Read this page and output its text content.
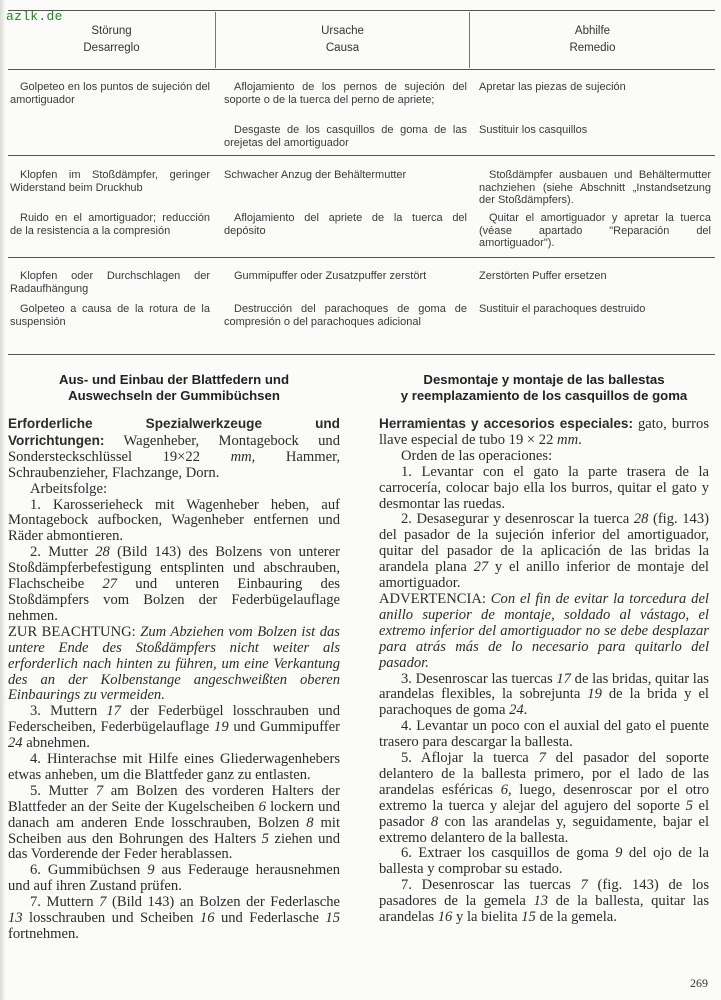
azlk.de
Störung
Desarreglo
Ursache
Causa
Abhilfe
Remedio
Golpeteo en los puntos de sujeción del amortiguador
Aflojamiento de los pernos de sujeción del soporte o de la tuerca del perno de apriete;
Apretar las piezas de sujeción
Desgaste de los casquillos de goma de las orejetas del amortiguador
Sustituir los casquillos
Klopfen im Stoßdämpfer, geringer Widerstand beim Druckhub
Schwacher Anzug der Behältermutter	Stoßdämpfer ausbauen und Behältermutter nachziehen (siehe Abschnitt „Instandsetzung der Stoßdämpfers).
Ruido en el amortiguador; reducción de la resistencia a la compresión
Aflojamiento del apriete de la tuerca del depósito
Quitar el amortiguador y apretar la tuerca (véase apartado "Reparación del amortiguador").
Klopfen oder Durchschlagen der Radaufhängung
Gummipuffer oder Zusatzpuffer zerstört	Zerstörten Puffer ersetzen
Golpeteo a causa de la rotura de la suspensión
Destrucción del parachoques de goma de compresión o del parachoques adicional
Sustituir el parachoques destruido
Aus- und Einbau der Blattfedern und
Auswechseln der Gummibüchsen

Erforderliche Spezialwerkzeuge und Vorrichtungen: Wagenheber, Montagebock und Sondersteckschlüssel 19×22 mm, Hammer, Schraubenzieher, Flachzange, Dorn.

Arbeitsfolge:

1. Karosserieheck mit Wagenheber heben, auf Montagebock aufbocken, Wagenheber entfernen und Räder abmontieren.

2. Mutter 28 (Bild 143) des Bolzens von unterer Stoßdämpferbefestigung entsplinten und abschrauben, Flachscheibe 27 und unteren Einbauring des Stoßdämpfers vom Bolzen der Federbügelauflage nehmen.

ZUR BEACHTUNG: Zum Abziehen vom Bolzen ist das untere Ende des Stoßdämpfers nicht weiter als erforderlich nach hinten zu führen, um eine Verkantung des an der Kolbenstange angeschweißten oberen Einbaurings zu vermeiden.

3. Muttern 17 der Federbügel losschrauben und Federscheiben, Federbügelauflage 19 und Gummipuffer 24 abnehmen.

4. Hinterachse mit Hilfe eines Gliederwagenhebers etwas anheben, um die Blattfeder ganz zu entlasten.

5. Mutter 7 am Bolzen des vorderen Halters der Blattfeder an der Seite der Kugelscheiben 6 lockern und danach am anderen Ende losschrauben, Bolzen 8 mit Scheiben aus den Bohrungen des Halters 5 ziehen und das Vorderende der Feder herablassen.

6. Gummibüchsen 9 aus Federauge herausnehmen und auf ihren Zustand prüfen.

7. Muttern 7 (Bild 143) an Bolzen der Federlasche 13 losschrauben und Scheiben 16 und Federlasche 15 fortnehmen.

Desmontaje y montaje de las ballestas
y reemplazamiento de los casquillos de goma

Herramientas y accesorios especiales: gato, burros llave especial de tubo 19 × 22 mm.

Orden de las operaciones:

1. Levantar con el gato la parte trasera de la carrocería, colocar bajo ella los burros, quitar el gato y desmontar las ruedas.

2. Desasegurar y desenroscar la tuerca 28 (fig. 143) del pasador de la sujeción inferior del amortiguador, quitar del pasador de la aplicación de las bridas la arandela plana 27 y el anillo inferior de montaje del amortiguador.

ADVERTENCIA: Con el fin de evitar la torcedura del anillo superior de montaje, soldado al vástago, el extremo inferior del amortiguador no se debe desplazar para atrás más de lo necesario para quitarlo del pasador.

3. Desenroscar las tuercas 17 de las bridas, quitar las arandelas flexibles, la sobrejunta 19 de la brida y el parachoques de goma 24.

4. Levantar un poco con el auxial del gato el puente trasero para descargar la ballesta.

5. Aflojar la tuerca 7 del pasador del soporte delantero de la ballesta primero, por el lado de las arandelas esféricas 6, luego, desenroscar por el otro extremo la tuerca y alejar del agujero del soporte 5 el pasador 8 con las arandelas y, seguidamente, bajar el extremo delantero de la ballesta.

6. Extraer los casquillos de goma 9 del ojo de la ballesta y comprobar su estado.

7. Desenroscar las tuercas 7 (fig. 143) de los pasadores de la gemela 13 de la ballesta, quitar las arandelas 16 y la bielita 15 de la gemela.

269
